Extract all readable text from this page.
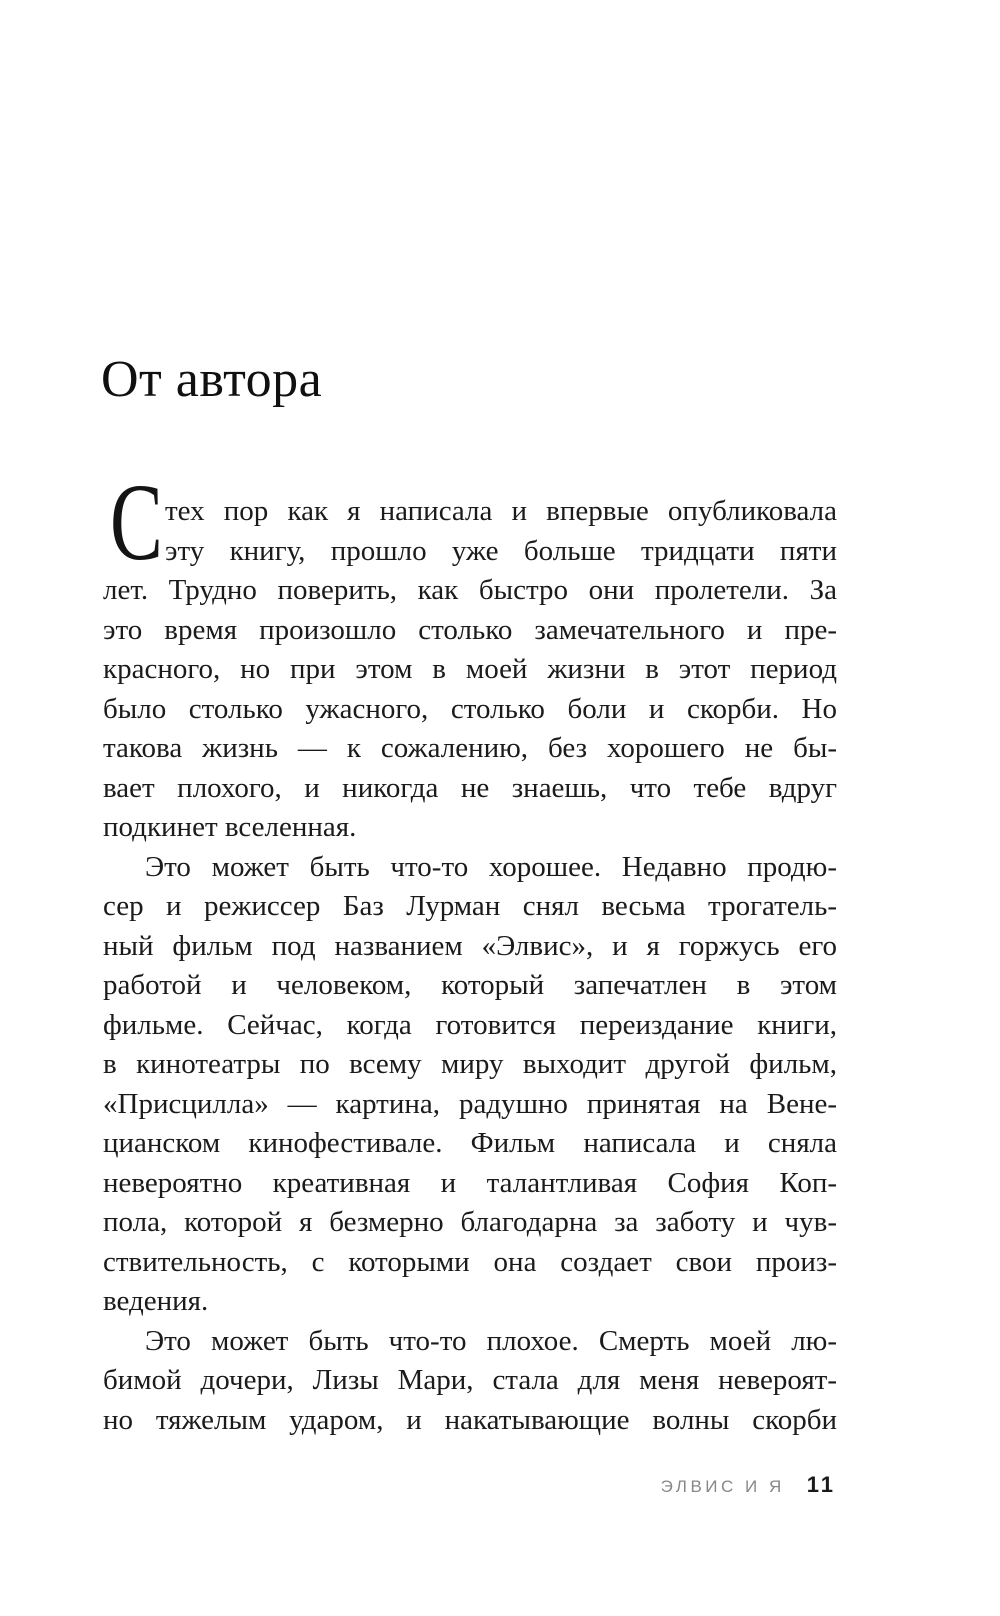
От автора
С тех пор как я написала и впервые опубликовала
эту книгу, прошло уже больше тридцати пяти
лет. Трудно поверить, как быстро они пролетели. За
это время произошло столько замечательного и пре-
красного, но при этом в моей жизни в этот период
было столько ужасного, столько боли и скорби. Но
такова жизнь — к сожалению, без хорошего не бы-
вает плохого, и никогда не знаешь, что тебе вдруг
подкинет вселенная.
Это может быть что-то хорошее. Недавно продю-
сер и режиссер Баз Лурман снял весьма трогатель-
ный фильм под названием «Элвис», и я горжусь его
работой и человеком, который запечатлен в этом
фильме. Сейчас, когда готовится переиздание книги,
в кинотеатры по всему миру выходит другой фильм,
«Присцилла» — картина, радушно принятая на Вене-
цианском кинофестивале. Фильм написала и сняла
невероятно креативная и талантливая София Коп-
пола, которой я безмерно благодарна за заботу и чув-
ствительность, с которыми она создает свои произ-
ведения.
Это может быть что-то плохое. Смерть моей лю-
бимой дочери, Лизы Мари, стала для меня невероят-
но тяжелым ударом, и накатывающие волны скорби
ЭЛВИС И Я 11
